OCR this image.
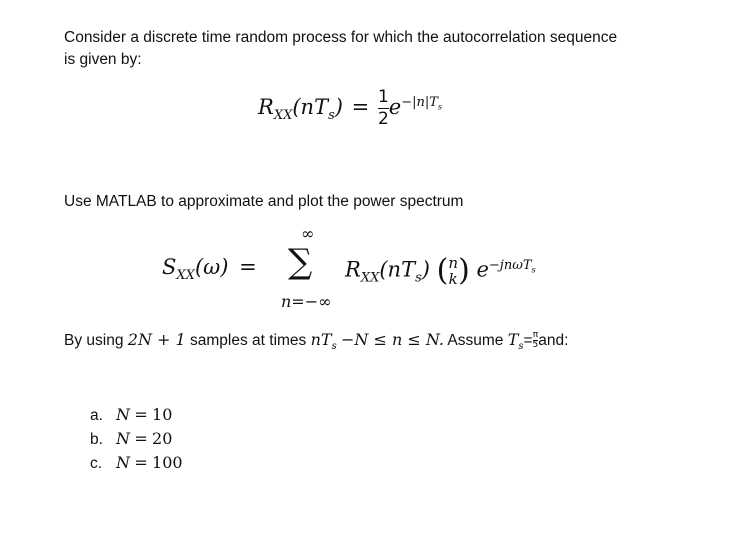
Consider a discrete time random process for which the autocorrelation sequence
is given by:
$R_{XX}(nT_s) = \frac{1}{2} e^{-|n|T_s}$
Use MATLAB to approximate and plot the power spectrum
$S_{XX}(\omega)$ =
∞
∑
n=−∞
$R_{XX}(nT_s)$ ( n
k ) $e^{-jn\omega T_s}$
By using 2N + 1 samples at times $nT_s -N \le n \le N$. Assume $T_s= \frac{\pi}{5}$ and:
a. N = 10
b. N = 20
c. N = 100
